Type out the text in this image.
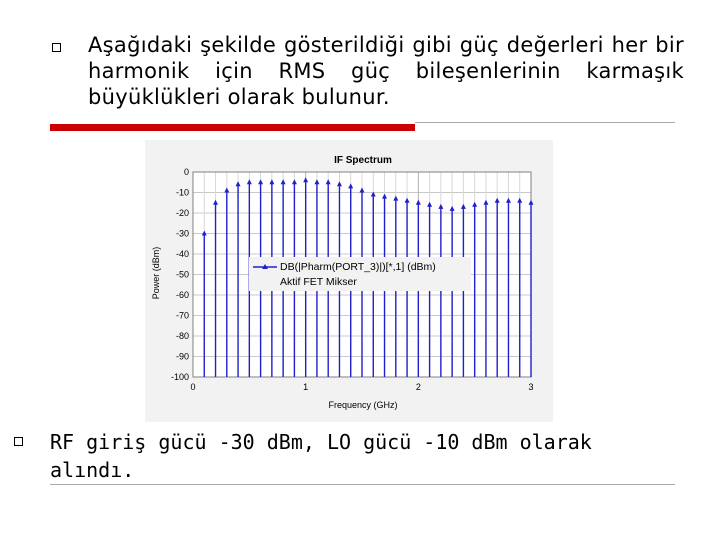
Aşağıdaki şekilde gösterildiği gibi güç değerleri her bir harmonik için RMS güç bileşenlerinin karmaşık büyüklükleri olarak bulunur.
IF Spectrum
Frequency (GHz)
Power (dBm)
0
-10
-20
-30
-40
-50
-60
-70
-80
-90
-100
0	1	2	3
DB(|Pharm(PORT_3)|)[*,1] (dBm)
Aktif FET Mikser
RF giriş gücü -30 dBm, LO gücü -10 dBm olarak alındı.
